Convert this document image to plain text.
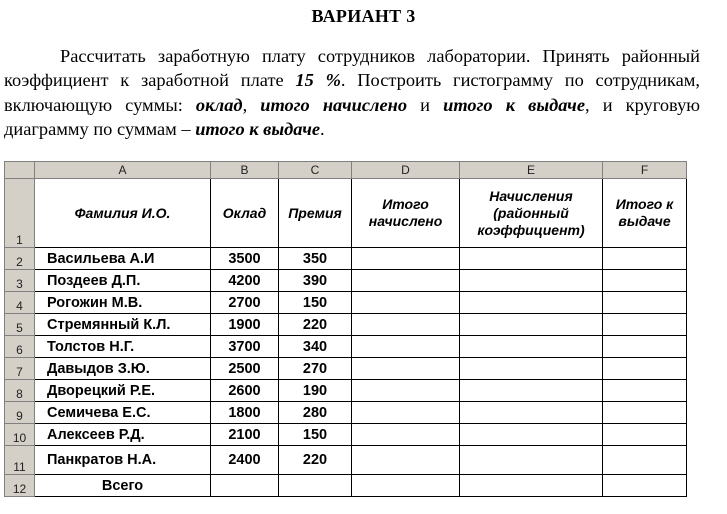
ВАРИАНТ 3
Рассчитать заработную плату сотрудников лаборатории. Принять районный коэффициент к заработной плате 15 %. Построить гистограмму по сотрудникам, включающую суммы: оклад, итого начислено и итого к выдаче, и круговую диаграмму по суммам – итого к выдаче.
	A	B	C	D	E	F
1	Фамилия И.О.	Оклад	Премия	Итого начислено	Начисления (районный коэффициент)	Итого к выдаче
2	Васильева А.И	3500	350			
3	Поздеев Д.П.	4200	390			
4	Рогожин М.В.	2700	150			
5	Стремянный К.Л.	1900	220			
6	Толстов Н.Г.	3700	340			
7	Давыдов З.Ю.	2500	270			
8	Дворецкий Р.Е.	2600	190			
9	Семичева Е.С.	1800	280			
10	Алексеев Р.Д.	2100	150			
11	Панкратов Н.А.	2400	220			
12	Всего					
